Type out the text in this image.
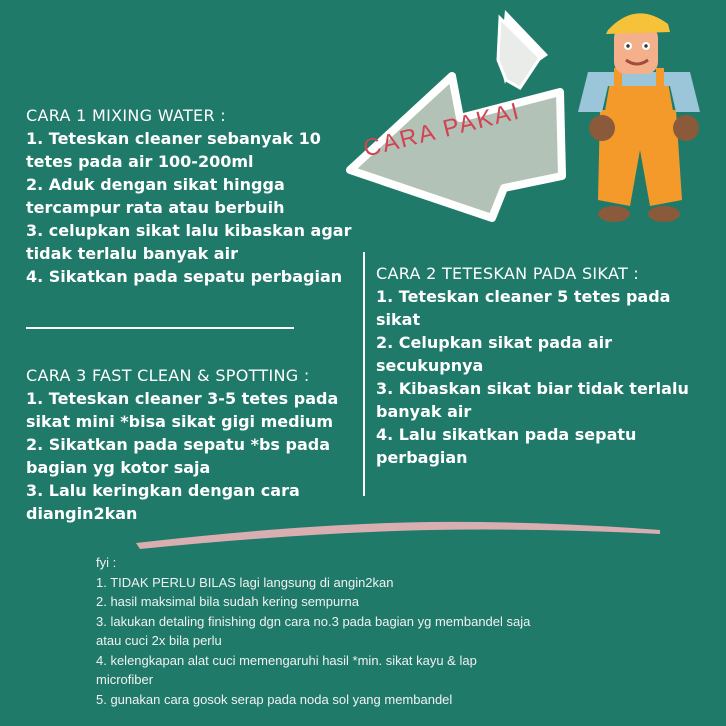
CARA PAKAI
CARA 1 MIXING WATER :
1. Teteskan cleaner sebanyak 10
tetes pada air 100-200ml
2. Aduk dengan sikat hingga
tercampur rata atau berbuih
3. celupkan sikat lalu kibaskan agar
tidak terlalu banyak air
4. Sikatkan pada sepatu perbagian	CARA 2 TETESKAN PADA SIKAT :
1. Teteskan cleaner 5 tetes pada
sikat
2. Celupkan sikat pada air
secukupnya
3. Kibaskan sikat biar tidak terlalu
banyak air
4. Lalu sikatkan pada sepatu
perbagian
CARA 3 FAST CLEAN & SPOTTING :
1. Teteskan cleaner 3-5 tetes pada
sikat mini *bisa sikat gigi medium
2. Sikatkan pada sepatu *bs pada
bagian yg kotor saja
3. Lalu keringkan dengan cara
diangin2kan
fyi :
1. TIDAK PERLU BILAS lagi langsung di angin2kan
2. hasil maksimal bila sudah kering sempurna
3. lakukan detaling finishing dgn cara no.3 pada bagian yg membandel saja
atau cuci 2x bila perlu
4. kelengkapan alat cuci memengaruhi hasil *min. sikat kayu & lap
microfiber
5. gunakan cara gosok serap pada noda sol yang membandel
